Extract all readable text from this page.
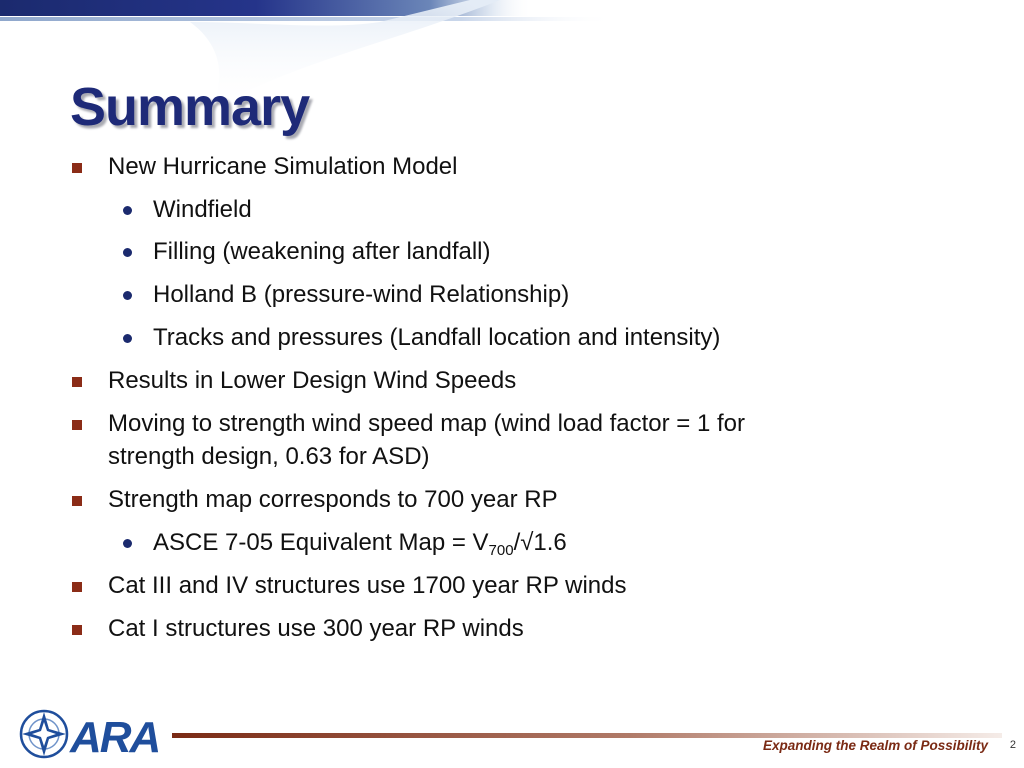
Summary
New Hurricane Simulation Model
Windfield
Filling (weakening after landfall)
Holland B (pressure-wind Relationship)
Tracks and pressures (Landfall location and intensity)
Results in Lower Design Wind Speeds
Moving to strength wind speed map (wind load factor = 1 for
strength design, 0.63 for ASD)
Strength map corresponds to 700 year RP
ASCE 7-05 Equivalent Map = $V_{700}/√1.6$
Cat III and IV structures use 1700 year RP winds
Cat I structures use 300 year RP winds
ARA	Expanding the Realm of Possibility 2
